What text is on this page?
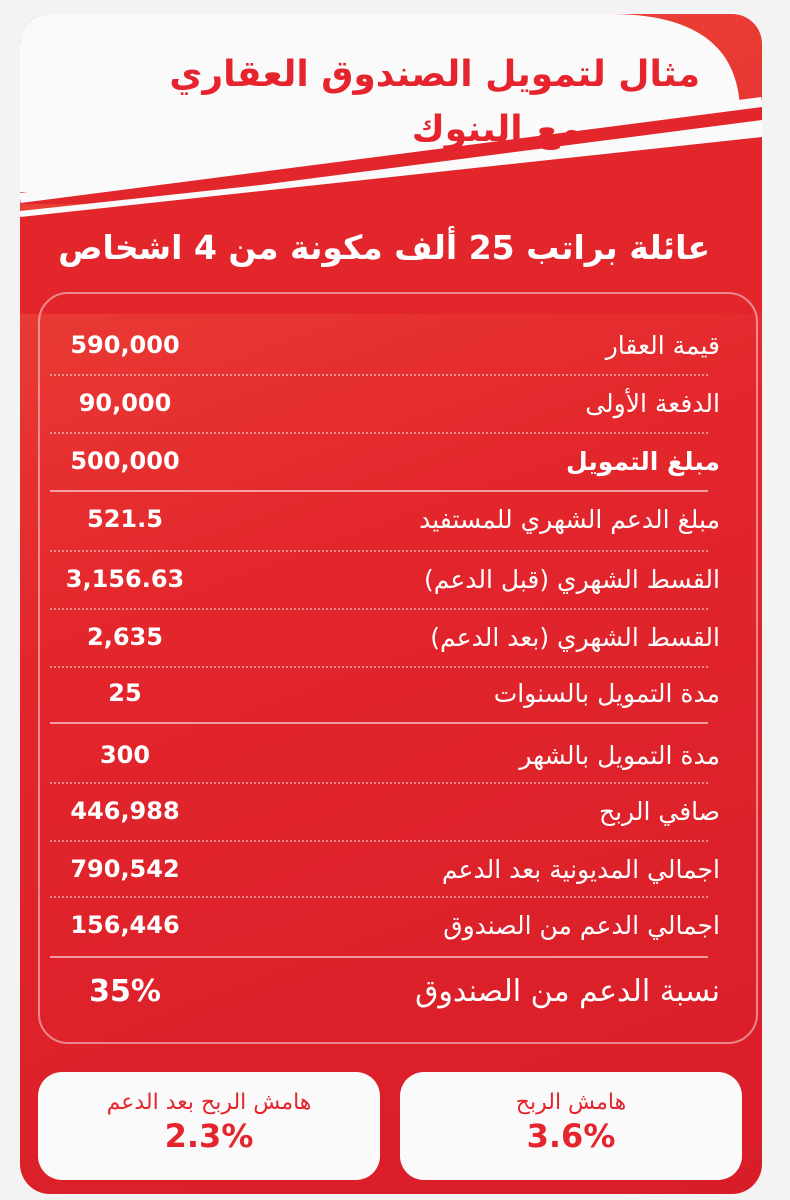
مثال لتمويل الصندوق العقاري
مع البنوك
مثال رقم :3
عائلة براتب 25 ألف مكونة من 4 اشخاص
قيمة العقار
590,000
الدفعة الأولى
90,000
مبلغ التمويل
500,000
مبلغ الدعم الشهري للمستفيد
521.5
القسط الشهري (قبل الدعم)
3,156.63
القسط الشهري (بعد الدعم)
2,635
مدة التمويل بالسنوات
25
مدة التمويل بالشهر
300
صافي الربح
446,988
اجمالي المديونية بعد الدعم
790,542
اجمالي الدعم من الصندوق
156,446
نسبة الدعم من الصندوق
35%
هامش الربح
3.6%
هامش الربح بعد الدعم
2.3%
